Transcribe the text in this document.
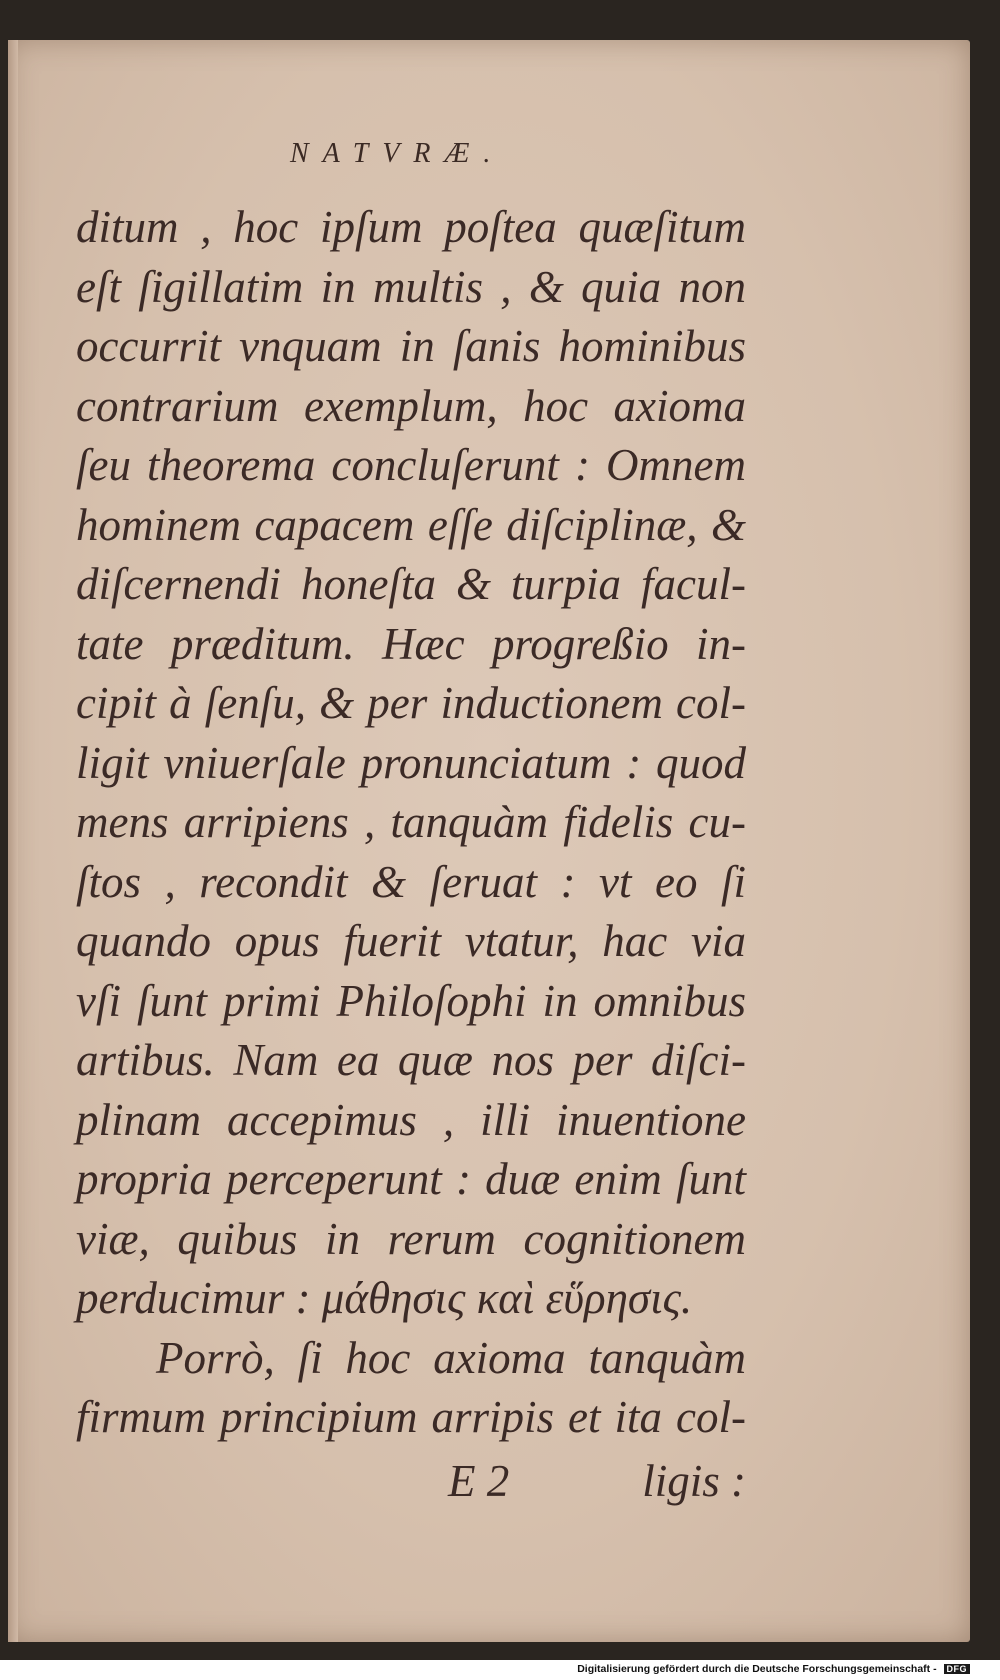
NATVRÆ.
ditum , hoc ipſum poſtea quæſitum
eſt ſigillatim in multis , & quia non
occurrit vnquam in ſanis hominibus
contrarium exemplum, hoc axioma
ſeu theorema concluſerunt : Omnem
hominem capacem eſſe diſciplinæ, &
diſcernendi honeſta & turpia facul-
tate præditum. Hæc progreßio in-
cipit à ſenſu, & per inductionem col-
ligit vniuerſale pronunciatum : quod
mens arripiens , tanquàm fidelis cu-
ſtos , recondit & ſeruat : vt eo ſi
quando opus fuerit vtatur, hac via
vſi ſunt primi Philoſophi in omnibus
artibus. Nam ea quæ nos per diſci-
plinam accepimus , illi inuentione
propria perceperunt : duæ enim ſunt
viæ, quibus in rerum cognitionem
perducimur : μάθησις καὶ εὕρησις.
Porrò, ſi hoc axioma tanquàm
firmum principium arripis et ita col-
E 2	ligis :
Digitalisierung gefördert durch die Deutsche Forschungsgemeinschaft - DFG
